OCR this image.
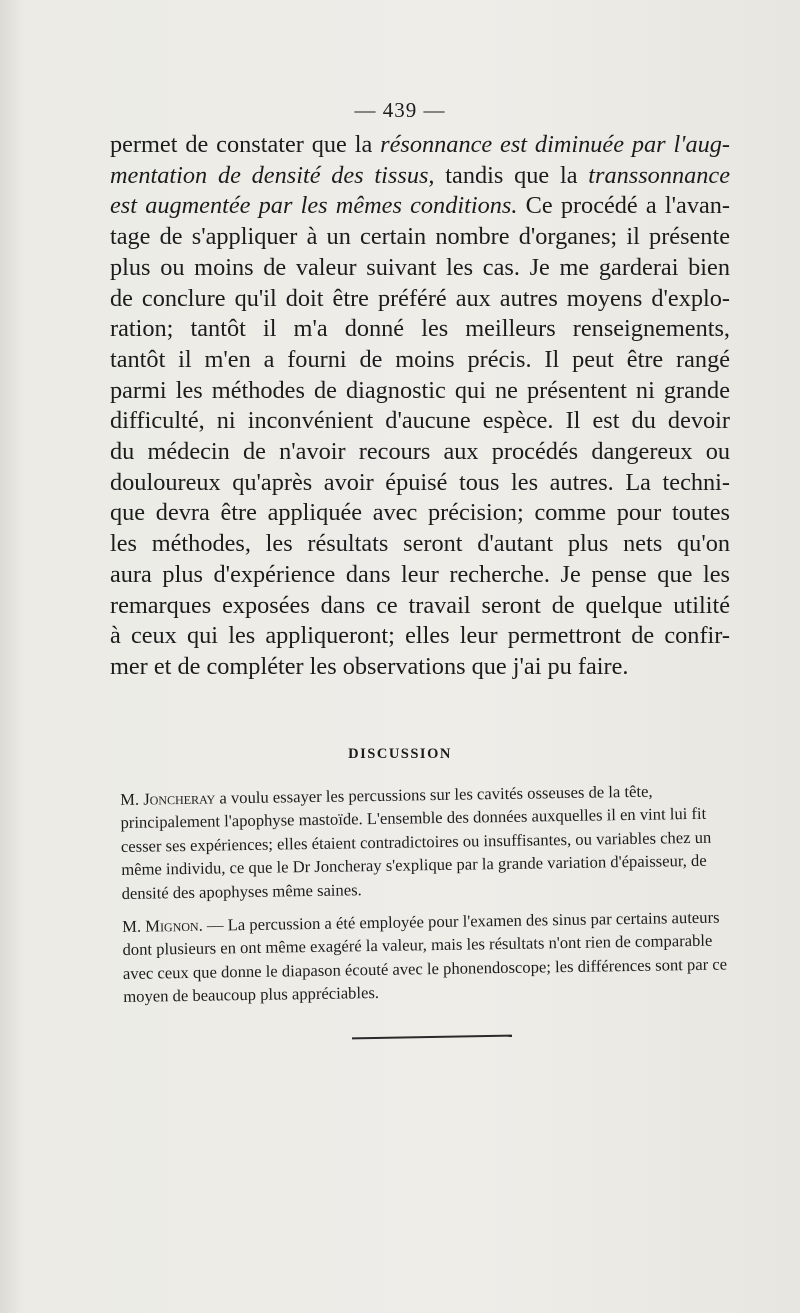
— 439 —
permet de constater que la résonnance est diminuée par l'aug-
mentation de densité des tissus, tandis que la transsonnance
est augmentée par les mêmes conditions. Ce procédé a l'avan-
tage de s'appliquer à un certain nombre d'organes; il présente
plus ou moins de valeur suivant les cas. Je me garderai bien
de conclure qu'il doit être préféré aux autres moyens d'explo-
ration; tantôt il m'a donné les meilleurs renseignements,
tantôt il m'en a fourni de moins précis. Il peut être rangé
parmi les méthodes de diagnostic qui ne présentent ni grande
difficulté, ni inconvénient d'aucune espèce. Il est du devoir
du médecin de n'avoir recours aux procédés dangereux ou
douloureux qu'après avoir épuisé tous les autres. La techni-
que devra être appliquée avec précision; comme pour toutes
les méthodes, les résultats seront d'autant plus nets qu'on
aura plus d'expérience dans leur recherche. Je pense que les
remarques exposées dans ce travail seront de quelque utilité
à ceux qui les appliqueront; elles leur permettront de confir-
mer et de compléter les observations que j'ai pu faire.
DISCUSSION

M. Joncheray a voulu essayer les percussions sur les cavités osseuses de la tête, principalement l'apophyse mastoïde. L'ensemble des données auxquelles il en vint lui fit cesser ses expériences; elles étaient contradictoires ou insuffisantes, ou variables chez un même individu, ce que le Dr Joncheray s'explique par la grande variation d'épaisseur, de densité des apophyses même saines.

M. Mignon. — La percussion a été employée pour l'examen des sinus par certains auteurs dont plusieurs en ont même exagéré la valeur, mais les résultats n'ont rien de comparable avec ceux que donne le diapason écouté avec le phonendoscope; les différences sont par ce moyen de beaucoup plus appréciables.
